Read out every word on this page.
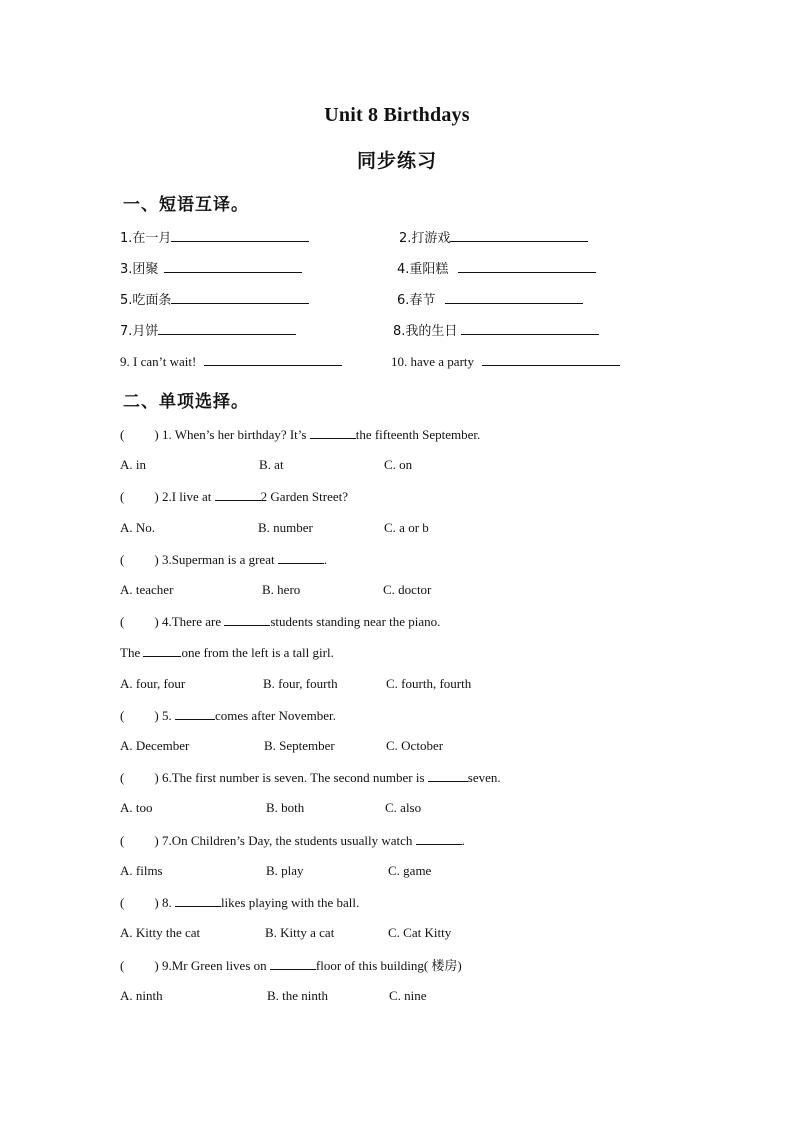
Unit 8 Birthdays
同步练习
一、短语互译。
1.在一月	2.打游戏
3.团聚	4.重阳糕
5.吃面条	6.春节
7.月饼	8.我的生日
9. I can’t wait!	10. have a party
二、单项选择。
( ) 1. When’s her birthday? It’s	the fifteenth September.
A. in	B. at	C. on
( ) 2.I live at	2 Garden Street?
A. No.	B. number	C. a or b
( ) 3.Superman is a great	.
A. teacher	B. hero	C. doctor
( ) 4.There are	students standing near the piano.
The	one from the left is a tall girl.
A. four, four	B. four, fourth	C. fourth, fourth
( ) 5.	comes after November.
A. December	B. September	C. October
( ) 6.The first number is seven. The second number is	seven.
A. too	B. both	C. also
( ) 7.On Children’s Day, the students usually watch	.
A. films	B. play	C. game
( ) 8.	likes playing with the ball.
A. Kitty the cat	B. Kitty a cat	C. Cat Kitty
( ) 9.Mr Green lives on	floor of this building( 楼房)
A. ninth	B. the ninth	C. nine
